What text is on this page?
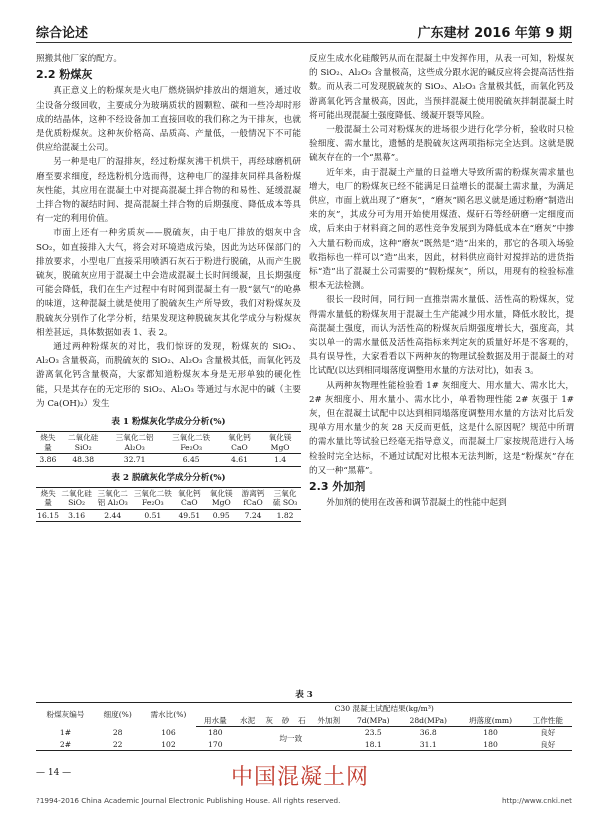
综合论述	广东建材 2016 年第 9 期

照搬其他厂家的配方。

2.2 粉煤灰

真正意义上的粉煤灰是火电厂燃烧锅炉排放出的烟道灰，通过收尘设备分级回收，主要成分为玻璃质状的圆颗粒、碳和一些冷却时形成的结晶体，这种不经设备加工直接回收的我们称之为干排灰，也就是优质粉煤灰。这种灰价格高、品质高、产量低，一般情况下不可能供应给混凝土公司。

另一种是电厂的湿排灰，经过粉煤灰沸干机烘干，再经球磨机研磨至要求细度，经选粉机分选而得，这种电厂的湿排灰同样具备粉煤灰性能，其应用在混凝土中对提高混凝土拌合物的和易性、延缓混凝土拌合物的凝结时间、提高混凝土拌合物的后期强度、降低成本等具有一定的利用价值。

市面上还有一种劣质灰——脱硫灰，由于电厂排放的烟灰中含 SO₂，如直接排入大气，将会对环境造成污染，因此为达环保部门的排放要求，小型电厂直接采用喷洒石灰石于粉进行脱硫，从而产生脱硫灰，脱硫灰应用于混凝土中会造成混凝土长时间缓凝，且长期强度可能会降低，我们在生产过程中有时闻到混凝土有一股“氨气”的呛鼻的味道，这种混凝土就是使用了脱硫灰生产所导致，我们对粉煤灰及脱硫灰分别作了化学分析，结果发现这种脱硫灰其化学成分与粉煤灰相差甚远，具体数据如表 1、表 2。

通过两种粉煤灰的对比，我们惊讶的发现，粉煤灰的 SiO₂、Al₂O₃ 含量极高，而脱硫灰的 SiO₂、Al₂O₃ 含量极其低，而氧化钙及游离氧化钙含量极高，大家都知道粉煤灰本身是无形单独的硬化性能，只是其存在的无定形的 SiO₂、Al₂O₃ 等通过与水泥中的碱（主要为 Ca(OH)₂）发生

表 1 粉煤灰化学成分分析(%)
烧失量	二氧化硅 SiO₂	三氧化二铝 Al₂O₃	三氧化二铁 Fe₂O₃	氧化钙 CaO	氧化镁 MgO
3.86	48.38	32.71	6.45	4.61	1.4
表 2 脱硫灰化学成分分析(%)
烧失量	二氧化硅 SiO₂	三氧化二铝 Al₂O₃	三氧化二铁 Fe₂O₃	氧化钙 CaO	氧化镁 MgO	游离钙 fCaO	三氧化硫 SO₃
16.15	3.16	2.44	0.51	49.51	0.95	7.24	1.82

反应生成水化硅酸钙从而在混凝土中发挥作用，从表一可知，粉煤灰的 SiO₂、Al₂O₃ 含量极高，这些成分跟水泥的碱反应将会提高活性指数。而从表二可发现脱硫灰的 SiO₂、Al₂O₃ 含量极其低，而氧化钙及游离氧化钙含量极高，因此，当预拌混凝土使用脱硫灰拌制混凝土时将可能出现混凝土强度降低、缓凝开裂等风险。

一般混凝土公司对粉煤灰的进场很少进行化学分析，验收时只检验细度、需水量比，遗憾的是脱硫灰这两项指标完全达到。这就是脱硫灰存在的一个“黑幕”。

近年来，由于混凝土产量的日益增大导致所需的粉煤灰需求量也增大，电厂的粉煤灰已经不能满足日益增长的混凝土需求量，为满足供应，市面上就出现了“磨灰”，“磨灰”顾名思义就是通过粉磨“制造出来的灰”，其成分可为用开始使用煤渣、煤矸石等经研磨一定细度而成，后来由于材料商之间的恶性竞争发展到为降低成本在“磨灰”中掺入大量石粉而成，这种“磨灰”既然是“造”出来的，那它的各项入场验收指标也一样可以“造”出来，因此，材料供应商针对搅拌站的进货指标“造”出了混凝土公司需要的“假粉煤灰”，所以，用现有的检验标准根本无法检测。

很长一段时间，同行间一直推崇需水量低、活性高的粉煤灰，觉得需水量低的粉煤灰用于混凝土生产能减少用水量，降低水胶比，提高混凝土强度，而认为活性高的粉煤灰后期强度增长大，强度高，其实以单一的需水量低及活性高指标来判定灰的质量好坏是不客观的，具有误导性，大家看看以下两种灰的物理试验数据及用于混凝土的对比试配(以达到相同塌落度调整用水量的方法对比)，如表 3。

从两种灰物理性能检验看 1# 灰细度大、用水量大、需水比大，2# 灰细度小、用水量小、需水比小，单看物理性能 2# 灰强于 1# 灰，但在混凝土试配中以达到相同塌落度调整用水量的方法对比后发现单方用水量少的灰 28 天反而更低，这是什么原因呢？规范中所谓的需水量比等试验已经毫无指导意义，而混凝土厂家按规范进行入场检验时完全达标，不通过试配对比根本无法判断，这是“粉煤灰”存在的又一种“黑幕”。

2.3 外加剂

外加剂的使用在改善和调节混凝土的性能中起到

表 3
粉煤灰编号	细度(%)	需水比(%)	C30 混凝土试配结果(kg/m³)									
			用水量	水泥	灰	砂	石	外加剂	7d(MPa)	28d(MPa)	坍落度(mm)	工作性能
1#	28	106	180	均一致					23.5	36.8	180	良好
2#	22	102	170						18.1	31.1	180	良好
— 14 —	中国混凝土网
?1994-2016 China Academic Journal Electronic Publishing House. All rights reserved.	http://www.cnki.net
